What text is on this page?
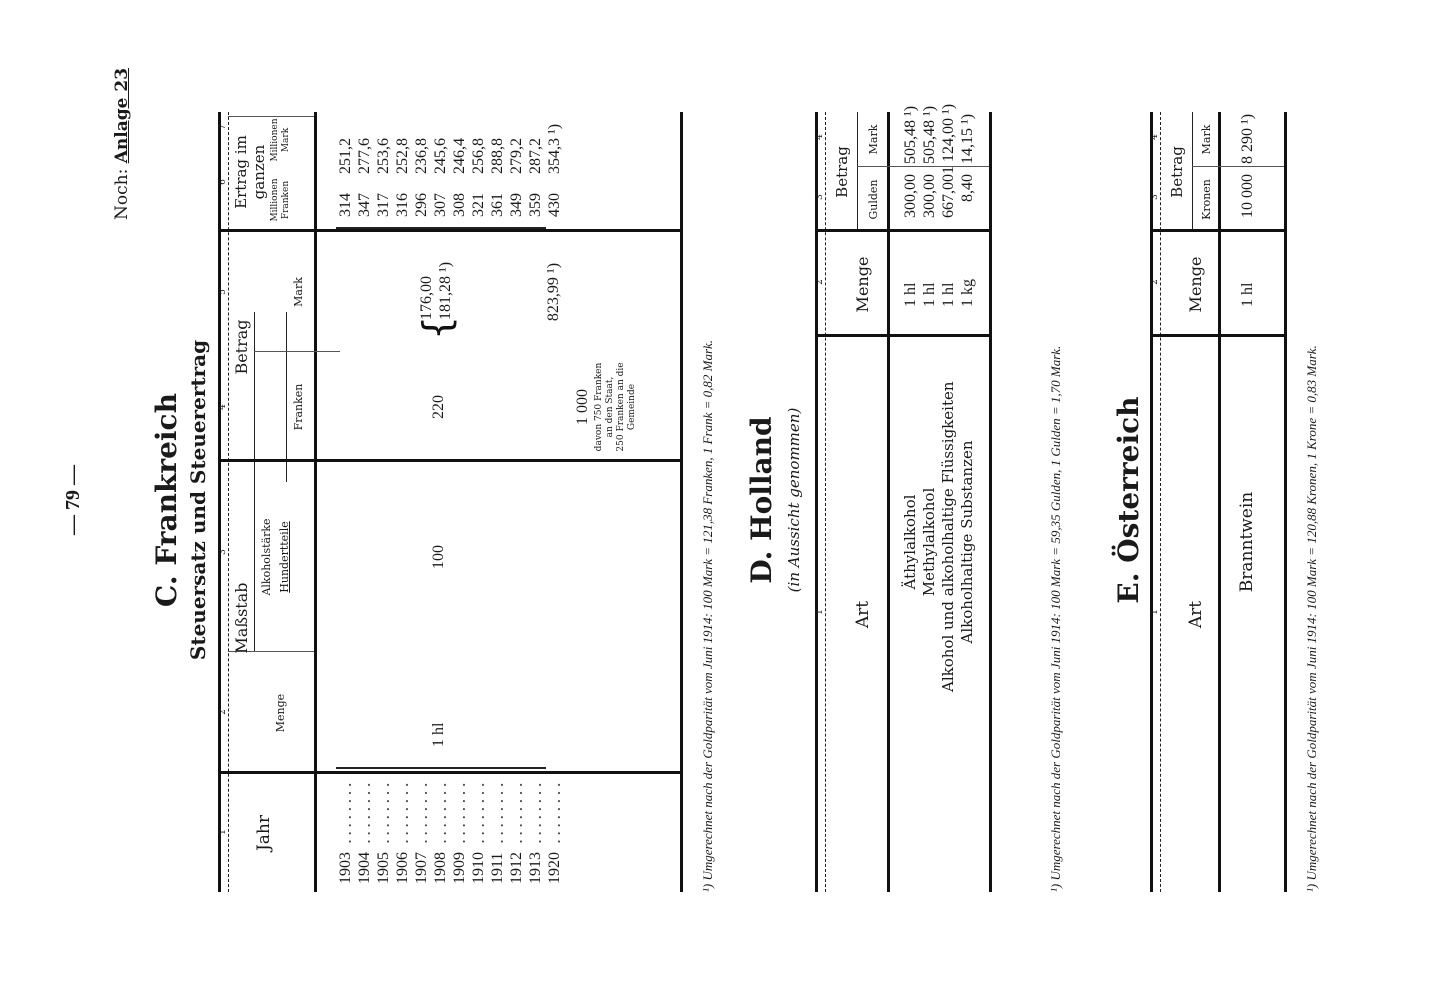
— 79 —
Noch: Anlage 23
C. Frankreich Steuersatz und Steuerertrag
1
2
3
4
5
6
7
Jahr
Maßstab
Menge
Alkoholstärke Hundertteile
Betrag
Franken
Mark
Ertrag im ganzen
Millionen Franken
Millionen Mark
1903
........
314
251,2
1904
........
347
277,6
1905
........
317
253,6
1906
........
316
252,8
1907
........
296
236,8
1908
........
307
245,6
1909
........
308
246,4
1910
........
321
256,8
1911
........
361
288,8
1912
........
349
279,2
1913
........
359
287,2
1920
........
430
354,3 ¹)
1 hl
100
220
{
176,00 181,28 ¹)
1 000 davon 750 Franken an den Staat, 250 Franken an die Gemeinde
823,99 ¹)
¹) Umgerechnet nach der Goldparität vom Juni 1914: 100 Mark = 121,38 Franken, 1 Frank = 0,82 Mark. D. Holland (in Aussicht genommen)
1
2
3
4
Art
Menge
Betrag
Gulden
Mark
Äthylalkohol
1 hl
300,00
505,48 ¹)
Methylalkohol
1 hl
300,00
505,48 ¹)
Alkohol und alkoholhaltige Flüssigkeiten
1 hl
667,00
1 124,00 ¹)
Alkoholhaltige Substanzen
1 kg
8,40
14,15 ¹)
¹) Umgerechnet nach der Goldparität vom Juni 1914: 100 Mark = 59,35 Gulden, 1 Gulden = 1,70 Mark. E. Österreich
1
2
3
4
Art
Menge
Betrag
Kronen
Mark
Branntwein
1 hl
10 000
8 290 ¹)
¹) Umgerechnet nach der Goldparität vom Juni 1914: 100 Mark = 120,88 Kronen, 1 Krone = 0,83 Mark.
